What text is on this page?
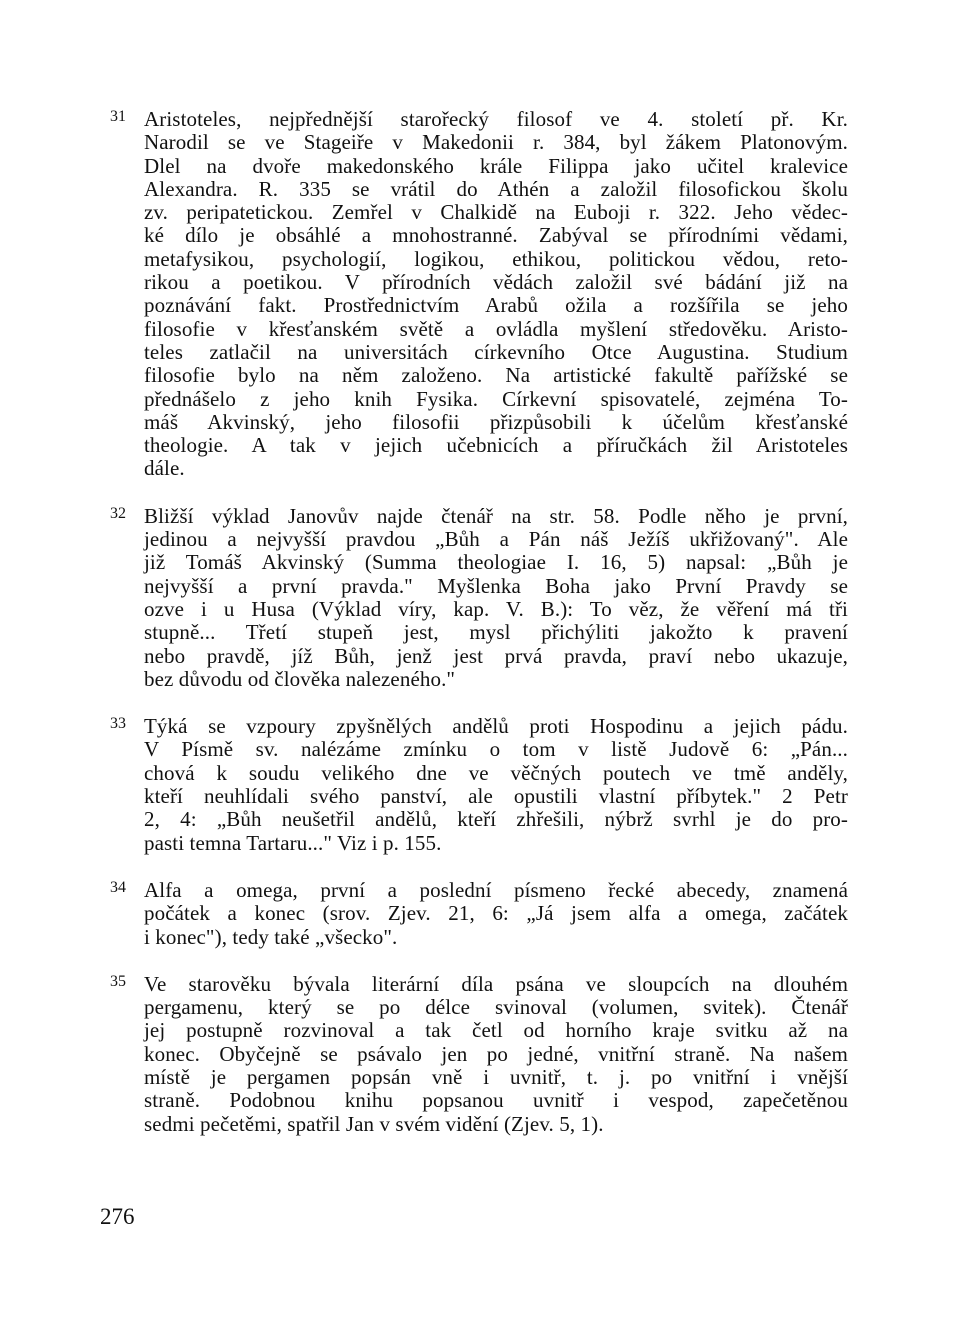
31 Aristoteles, nejpřednější starořecký filosof ve 4. století př. Kr.
Narodil se ve Stageiře v Makedonii r. 384, byl žákem Platonovým.
Dlel na dvoře makedonského krále Filippa jako učitel kralevice
Alexandra. R. 335 se vrátil do Athén a založil filosofickou školu
zv. peripatetickou. Zemřel v Chalkidě na Euboji r. 322. Jeho vědec-
ké dílo je obsáhlé a mnohostranné. Zabýval se přírodními vědami,
metafysikou, psychologií, logikou, ethikou, politickou vědou, reto-
rikou a poetikou. V přírodních vědách založil své bádání již na
poznávání fakt. Prostřednictvím Arabů ožila a rozšířila se jeho
filosofie v křesťanském světě a ovládla myšlení středověku. Aristo-
teles zatlačil na universitách církevního Otce Augustina. Studium
filosofie bylo na něm založeno. Na artistické fakultě pařížské se
přednášelo z jeho knih Fysika. Církevní spisovatelé, zejména To-
máš Akvinský, jeho filosofii přizpůsobili k účelům křesťanské
theologie. A tak v jejich učebnicích a příručkách žil Aristoteles
dále.
32 Bližší výklad Janovův najde čtenář na str. 58. Podle něho je první,
jedinou a nejvyšší pravdou „Bůh a Pán náš Ježíš ukřižovaný". Ale
již Tomáš Akvinský (Summa theologiae I. 16, 5) napsal: „Bůh je
nejvyšší a první pravda." Myšlenka Boha jako První Pravdy se
ozve i u Husa (Výklad víry, kap. V. B.): To věz, že věření má tři
stupně... Třetí stupeň jest, mysl přichýliti jakožto k pravení
nebo pravdě, jíž Bůh, jenž jest prvá pravda, praví nebo ukazuje,
bez důvodu od člověka nalezeného."
33 Týká se vzpoury zpyšnělých andělů proti Hospodinu a jejich pádu.
V Písmě sv. nalézáme zmínku o tom v listě Judově 6: „Pán...
chová k soudu velikého dne ve věčných poutech ve tmě anděly,
kteří neuhlídali svého panství, ale opustili vlastní příbytek." 2 Petr
2, 4: „Bůh neušetřil andělů, kteří zhřešili, nýbrž svrhl je do pro-
pasti temna Tartaru..." Viz i p. 155.
34 Alfa a omega, první a poslední písmeno řecké abecedy, znamená
počátek a konec (srov. Zjev. 21, 6: „Já jsem alfa a omega, začátek
i konec"), tedy také „všecko".
35 Ve starověku bývala literární díla psána ve sloupcích na dlouhém
pergamenu, který se po délce svinoval (volumen, svitek). Čtenář
jej postupně rozvinoval a tak četl od horního kraje svitku až na
konec. Obyčejně se psávalo jen po jedné, vnitřní straně. Na našem
místě je pergamen popsán vně i uvnitř, t. j. po vnitřní i vnější
straně. Podobnou knihu popsanou uvnitř i vespod, zapečetěnou
sedmi pečetěmi, spatřil Jan v svém vidění (Zjev. 5, 1).
276
